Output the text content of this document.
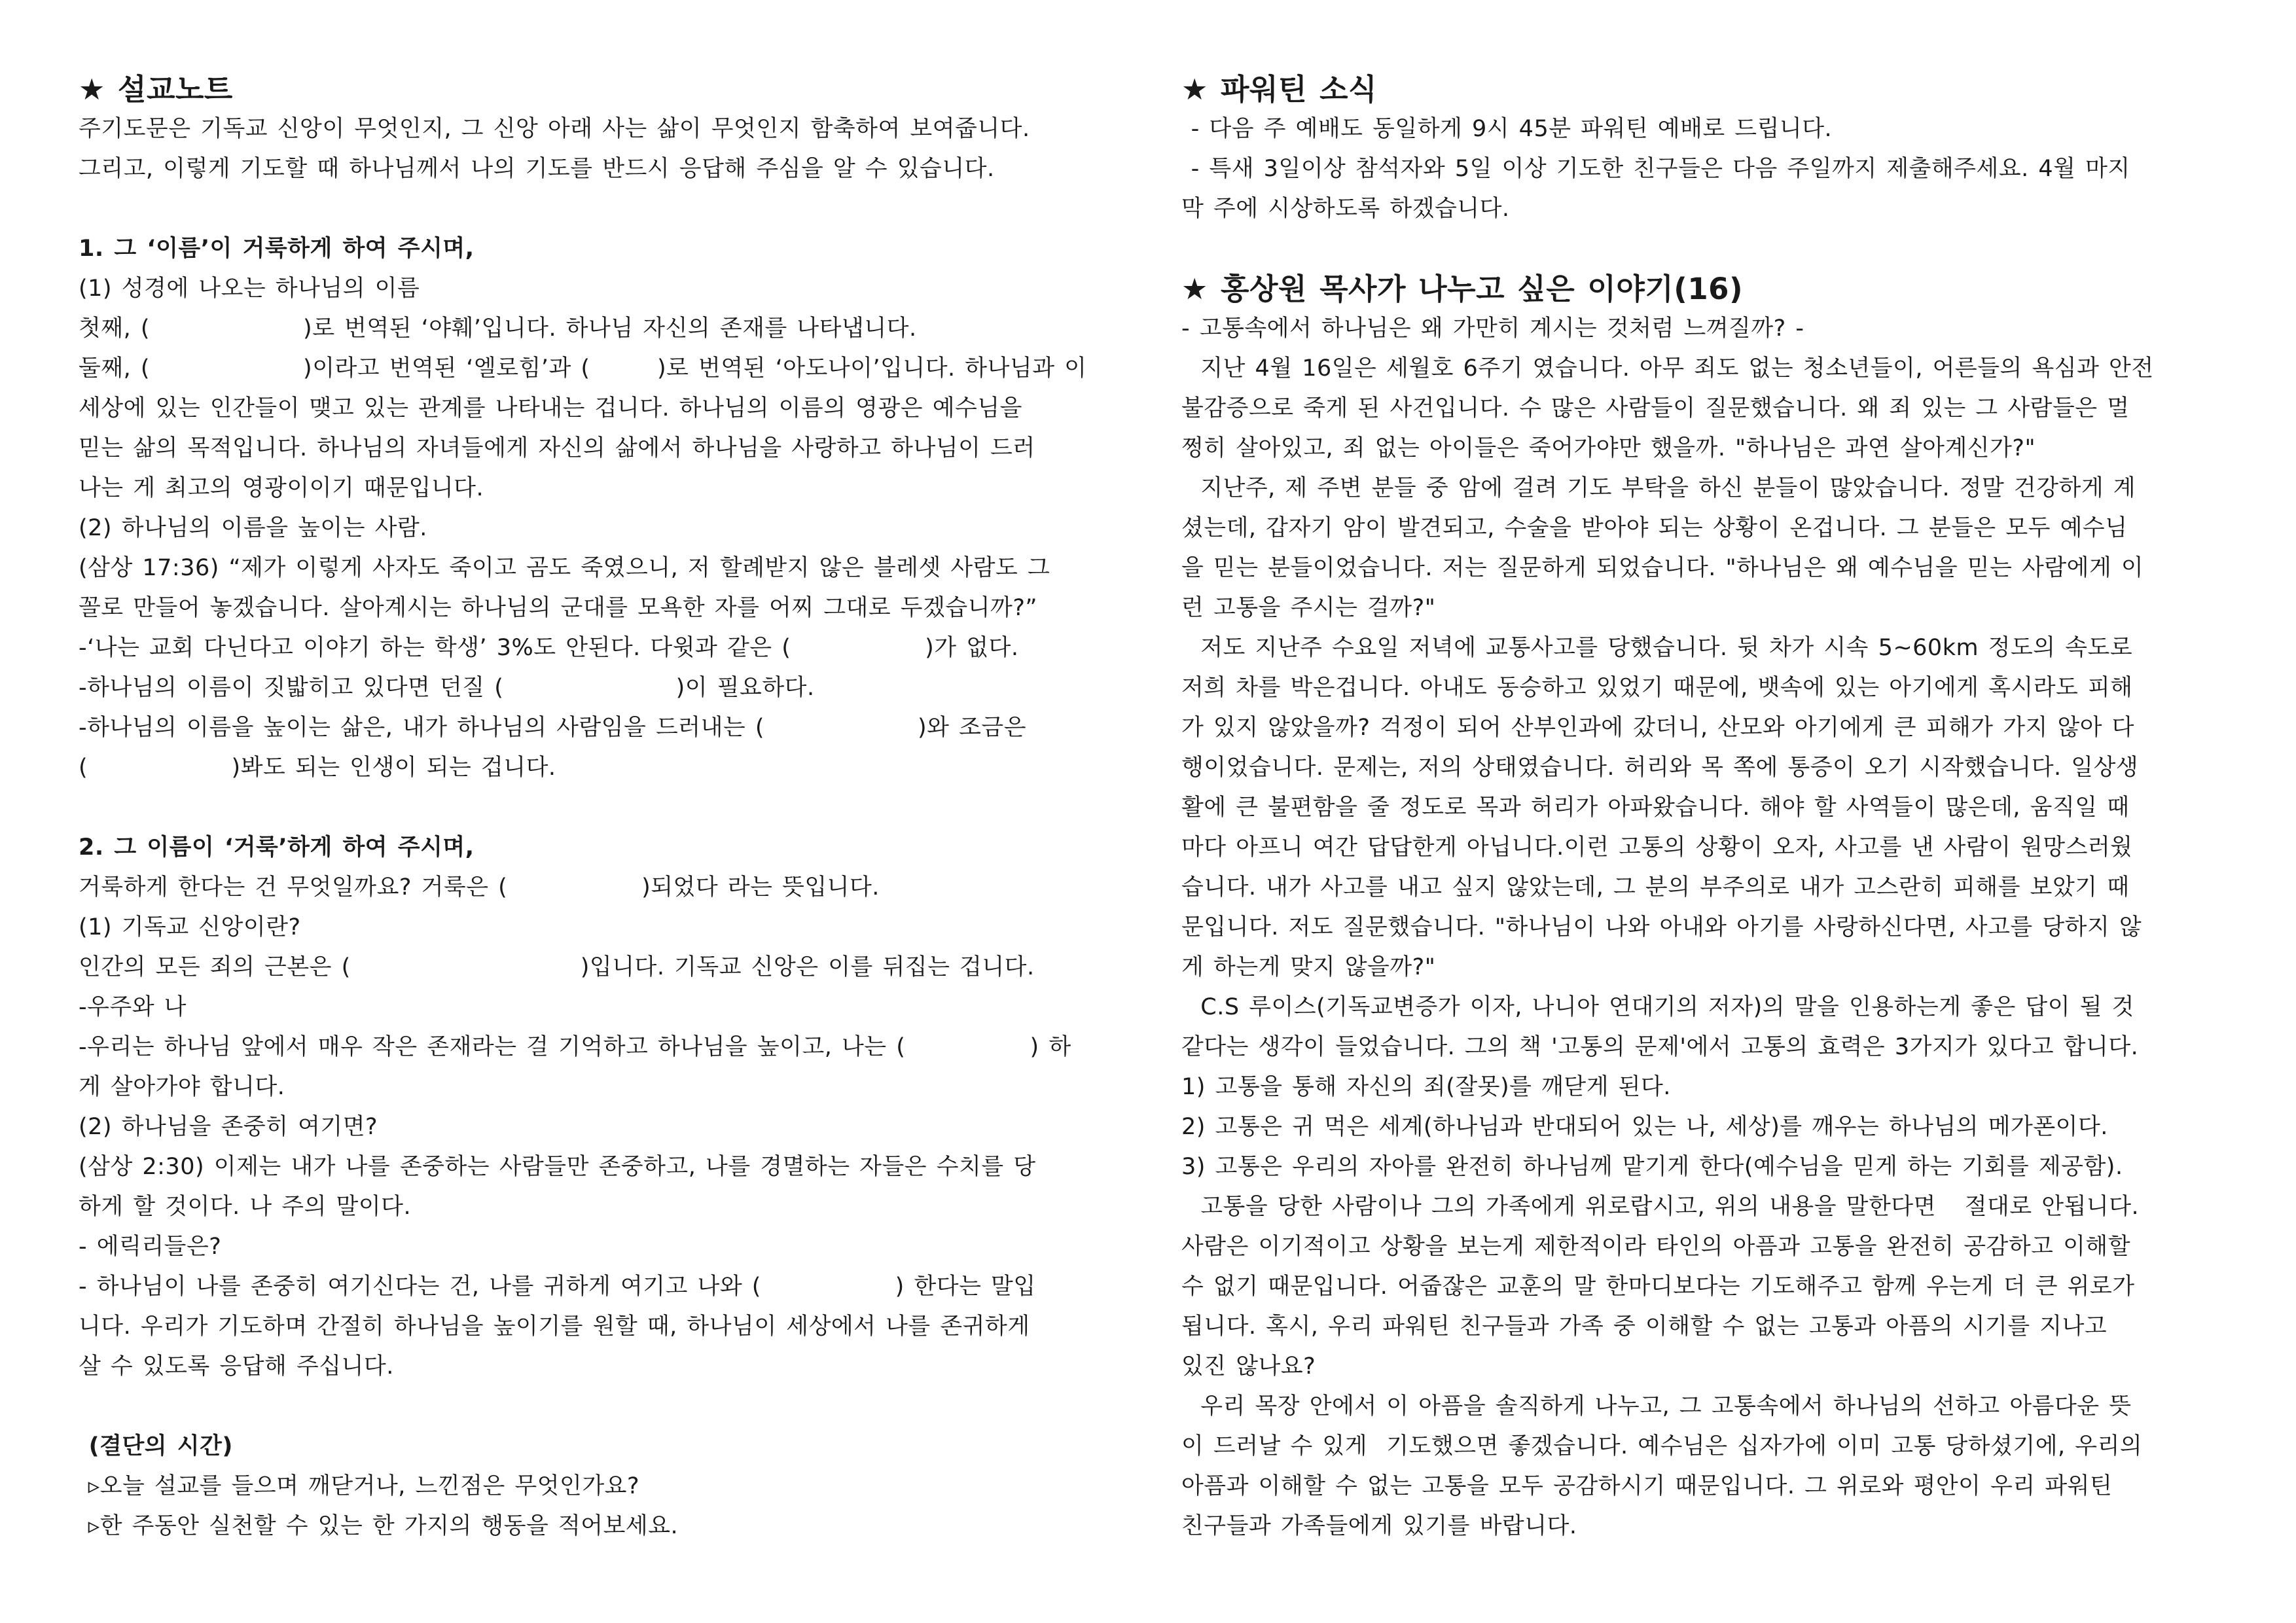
★ 설교노트
주기도문은 기독교 신앙이 무엇인지, 그 신앙 아래 사는 삶이 무엇인지 함축하여 보여줍니다.
그리고, 이렇게 기도할 때 하나님께서 나의 기도를 반드시 응답해 주심을 알 수 있습니다.
1. 그 ‘이름’이 거룩하게 하여 주시며,
(1) 성경에 나오는 하나님의 이름
첫째, (                )로 번역된 ‘야훼’입니다. 하나님 자신의 존재를 나타냅니다.
둘째, (                )이라고 번역된 ‘엘로힘’과 (       )로 번역된 ‘아도나이’입니다. 하나님과 이
세상에 있는 인간들이 맺고 있는 관계를 나타내는 겁니다. 하나님의 이름의 영광은 예수님을
믿는 삶의 목적입니다. 하나님의 자녀들에게 자신의 삶에서 하나님을 사랑하고 하나님이 드러
나는 게 최고의 영광이이기 때문입니다.
(2) 하나님의 이름을 높이는 사람.
(삼상 17:36) “제가 이렇게 사자도 죽이고 곰도 죽였으니, 저 할례받지 않은 블레셋 사람도 그
꼴로 만들어 놓겠습니다. 살아계시는 하나님의 군대를 모욕한 자를 어찌 그대로 두겠습니까?”
-‘나는 교회 다닌다고 이야기 하는 학생’ 3%도 안된다. 다윗과 같은 (              )가 없다.
-하나님의 이름이 짓밟히고 있다면 던질 (                  )이 필요하다.
-하나님의 이름을 높이는 삶은, 내가 하나님의 사람임을 드러내는 (                )와 조금은
(               )봐도 되는 인생이 되는 겁니다.
2. 그 이름이 ‘거룩’하게 하여 주시며,
거룩하게 한다는 건 무엇일까요? 거룩은 (              )되었다 라는 뜻입니다.
(1) 기독교 신앙이란?
인간의 모든 죄의 근본은 (                        )입니다. 기독교 신앙은 이를 뒤집는 겁니다.
-우주와 나
-우리는 하나님 앞에서 매우 작은 존재라는 걸 기억하고 하나님을 높이고, 나는 (             ) 하
게 살아가야 합니다.
(2) 하나님을 존중히 여기면?
(삼상 2:30) 이제는 내가 나를 존중하는 사람들만 존중하고, 나를 경멸하는 자들은 수치를 당
하게 할 것이다. 나 주의 말이다.
- 에릭리들은?
- 하나님이 나를 존중히 여기신다는 건, 나를 귀하게 여기고 나와 (              ) 한다는 말입
니다. 우리가 기도하며 간절히 하나님을 높이기를 원할 때, 하나님이 세상에서 나를 존귀하게
살 수 있도록 응답해 주십니다.
(결단의 시간)
▹오늘 설교를 들으며 깨닫거나, 느낀점은 무엇인가요?
▹한 주동안 실천할 수 있는 한 가지의 행동을 적어보세요.
★ 파워틴 소식
- 다음 주 예배도 동일하게 9시 45분 파워틴 예배로 드립니다.
- 특새 3일이상 참석자와 5일 이상 기도한 친구들은 다음 주일까지 제출해주세요. 4월 마지
막 주에 시상하도록 하겠습니다.
★ 홍상원 목사가 나누고 싶은 이야기(16)
- 고통속에서 하나님은 왜 가만히 계시는 것처럼 느껴질까? -
지난 4월 16일은 세월호 6주기 였습니다. 아무 죄도 없는 청소년들이, 어른들의 욕심과 안전
불감증으로 죽게 된 사건입니다. 수 많은 사람들이 질문했습니다. 왜 죄 있는 그 사람들은 멀
쩡히 살아있고, 죄 없는 아이들은 죽어가야만 했을까. "하나님은 과연 살아계신가?"
지난주, 제 주변 분들 중 암에 걸려 기도 부탁을 하신 분들이 많았습니다. 정말 건강하게 계
셨는데, 갑자기 암이 발견되고, 수술을 받아야 되는 상황이 온겁니다. 그 분들은 모두 예수님
을 믿는 분들이었습니다. 저는 질문하게 되었습니다. "하나님은 왜 예수님을 믿는 사람에게 이
런 고통을 주시는 걸까?"
저도 지난주 수요일 저녁에 교통사고를 당했습니다. 뒷 차가 시속 5~60km 정도의 속도로
저희 차를 박은겁니다. 아내도 동승하고 있었기 때문에, 뱃속에 있는 아기에게 혹시라도 피해
가 있지 않았을까? 걱정이 되어 산부인과에 갔더니, 산모와 아기에게 큰 피해가 가지 않아 다
행이었습니다. 문제는, 저의 상태였습니다. 허리와 목 쪽에 통증이 오기 시작했습니다. 일상생
활에 큰 불편함을 줄 정도로 목과 허리가 아파왔습니다. 해야 할 사역들이 많은데, 움직일 때
마다 아프니 여간 답답한게 아닙니다.이런 고통의 상황이 오자, 사고를 낸 사람이 원망스러웠
습니다. 내가 사고를 내고 싶지 않았는데, 그 분의 부주의로 내가 고스란히 피해를 보았기 때
문입니다. 저도 질문했습니다. "하나님이 나와 아내와 아기를 사랑하신다면, 사고를 당하지 않
게 하는게 맞지 않을까?"
C.S 루이스(기독교변증가 이자, 나니아 연대기의 저자)의 말을 인용하는게 좋은 답이 될 것
같다는 생각이 들었습니다. 그의 책 '고통의 문제'에서 고통의 효력은 3가지가 있다고 합니다.
1) 고통을 통해 자신의 죄(잘못)를 깨닫게 된다.
2) 고통은 귀 먹은 세계(하나님과 반대되어 있는 나, 세상)를 깨우는 하나님의 메가폰이다.
3) 고통은 우리의 자아를 완전히 하나님께 맡기게 한다(예수님을 믿게 하는 기회를 제공함).
고통을 당한 사람이나 그의 가족에게 위로랍시고, 위의 내용을 말한다면   절대로 안됩니다.
사람은 이기적이고 상황을 보는게 제한적이라 타인의 아픔과 고통을 완전히 공감하고 이해할
수 없기 때문입니다. 어줍잖은 교훈의 말 한마디보다는 기도해주고 함께 우는게 더 큰 위로가
됩니다. 혹시, 우리 파워틴 친구들과 가족 중 이해할 수 없는 고통과 아픔의 시기를 지나고
있진 않나요?
우리 목장 안에서 이 아픔을 솔직하게 나누고, 그 고통속에서 하나님의 선하고 아름다운 뜻
이 드러날 수 있게  기도했으면 좋겠습니다. 예수님은 십자가에 이미 고통 당하셨기에, 우리의
아픔과 이해할 수 없는 고통을 모두 공감하시기 때문입니다. 그 위로와 평안이 우리 파워틴
친구들과 가족들에게 있기를 바랍니다.
